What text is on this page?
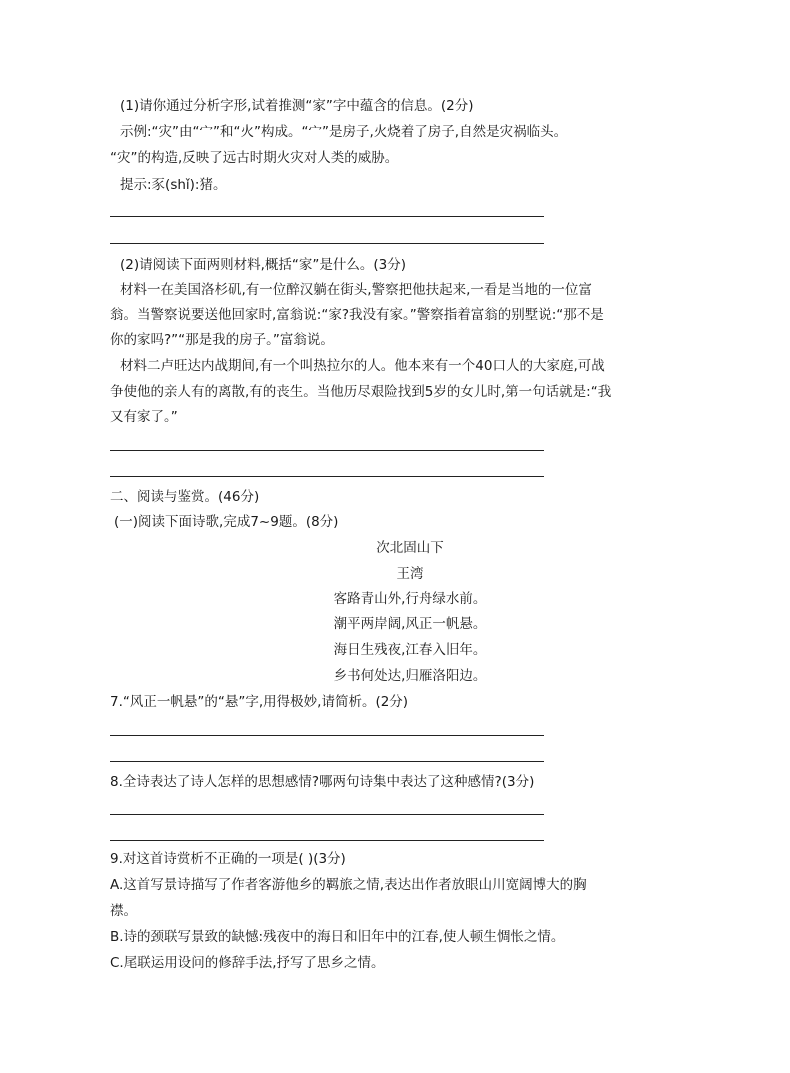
(1)请你通过分析字形,试着推测“家”字中蕴含的信息。(2分)
示例:“灾”由“宀”和“火”构成。“宀”是房子,火烧着了房子,自然是灾祸临头。
“灾”的构造,反映了远古时期火灾对人类的威胁。
提示:豕(shǐ):猪。
(2)请阅读下面两则材料,概括“家”是什么。(3分)
材料一在美国洛杉矶,有一位醉汉躺在街头,警察把他扶起来,一看是当地的一位富
翁。当警察说要送他回家时,富翁说:“家?我没有家。”警察指着富翁的别墅说:“那不是
你的家吗?”“那是我的房子。”富翁说。
材料二卢旺达内战期间,有一个叫热拉尔的人。他本来有一个40口人的大家庭,可战
争使他的亲人有的离散,有的丧生。当他历尽艰险找到5岁的女儿时,第一句话就是:“我
又有家了。”
二、阅读与鉴赏。(46分)
(一)阅读下面诗歌,完成7~9题。(8分)
次北固山下
王湾
客路青山外,行舟绿水前。
潮平两岸阔,风正一帆悬。
海日生残夜,江春入旧年。
乡书何处达,归雁洛阳边。
7.“风正一帆悬”的“悬”字,用得极妙,请简析。(2分)
8.全诗表达了诗人怎样的思想感情?哪两句诗集中表达了这种感情?(3分)
9.对这首诗赏析不正确的一项是( )(3分)
A.这首写景诗描写了作者客游他乡的羁旅之情,表达出作者放眼山川宽阔博大的胸
襟。
B.诗的颈联写景致的缺憾:残夜中的海日和旧年中的江春,使人顿生惆怅之情。
C.尾联运用设问的修辞手法,抒写了思乡之情。
